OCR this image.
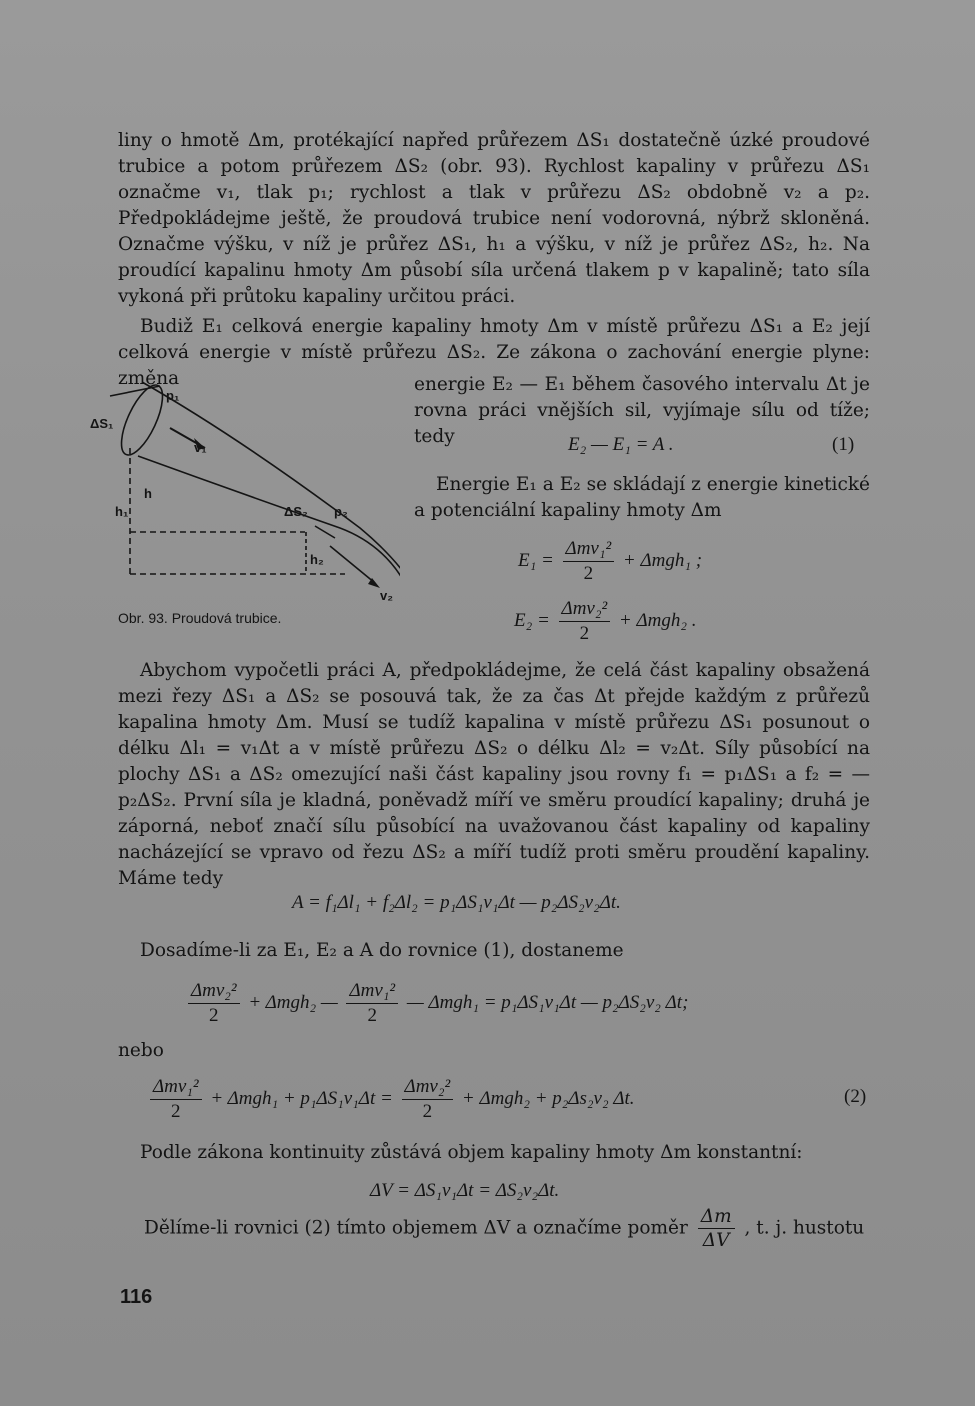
liny o hmotě Δm, protékající napřed průřezem ΔS₁ dostatečně úzké proudové trubice a potom průřezem ΔS₂ (obr. 93). Rychlost kapaliny v průřezu ΔS₁ označme v₁, tlak p₁; rychlost a tlak v průřezu ΔS₂ obdobně v₂ a p₂. Předpokládejme ještě, že proudová trubice není vodorovná, nýbrž skloněná. Označme výšku, v níž je průřez ΔS₁, h₁ a výšku, v níž je průřez ΔS₂, h₂. Na proudící kapalinu hmoty Δm působí síla určená tlakem p v kapalině; tato síla vykoná při průtoku kapaliny určitou práci.

Budiž E₁ celková energie kapaliny hmoty Δm v místě průřezu ΔS₁ a E₂ její celková energie v místě průřezu ΔS₂. Ze zákona o zachování energie plyne: změna	energie E₂ — E₁ během časového intervalu Δt je rovna práci vnějších sil, vyjímaje sílu od tíže; tedy	E₂ — E₁ = A .	(1)

Energie E₁ a E₂ se skládají z energie kinetické a potenciální kapaliny hmoty Δm

$E_1 = \frac{\text{Δmv₁²}}{2} + \Delta mgh_1$ ;
$E_2 = \frac{\text{Δmv₂²}}{2} + \Delta mgh_2$ .
ΔS₁
p₁
v₁
h
h₁	ΔS₂ p₂
h₂
v₂
Obr. 93. Proudová trubice.

Abychom vypočetli práci A, předpokládejme, že celá část kapaliny obsažená mezi řezy ΔS₁ a ΔS₂ se posouvá tak, že za čas Δt přejde každým z průřezů kapalina hmoty Δm. Musí se tudíž kapalina v místě průřezu ΔS₁ posunout o délku Δl₁ = v₁Δt a v místě průřezu ΔS₂ o délku Δl₂ = v₂Δt. Síly působící na plochy ΔS₁ a ΔS₂ omezující naši část kapaliny jsou rovny f₁ = p₁ΔS₁ a f₂ = — p₂ΔS₂. První síla je kladná, poněvadž míří ve směru proudící kapaliny; druhá je záporná, neboť značí sílu působící na uvažovanou část kapaliny od kapaliny nacházející se vpravo od řezu ΔS₂ a míří tudíž proti směru proudění kapaliny. Máme tedy

A = f₁Δl₁ + f₂Δl₂ = p₁ΔS₁v₁Δt — p₂ΔS₂v₂Δt.

Dosadíme-li za E₁, E₂ a A do rovnice (1), dostaneme

$\frac{\text{Δmv₂²}}{2} + \Delta mgh_2$ — $\frac{\text{Δmv₁²}}{2}$ — Δmgh₁ = p₁ΔS₁v₁Δt — p₂ΔS₂v₂ Δt;

nebo

$\frac{\text{Δmv₁²}}{2} + \Delta mgh_1 + p_1\Delta S_1v_1\Delta t = \frac{\text{Δmv₂²}}{2} + \Delta mgh_2 + p_2\Delta s_2v_2$ Δt.	(2)

Podle zákona kontinuity zůstává objem kapaliny hmoty Δm konstantní:

ΔV = ΔS₁v₁Δt = ΔS₂v₂Δt.
Dělíme-li rovnici (2) tímto objemem ΔV a označíme poměr $\frac{\Delta m}{\Delta V}$ , t. j. hustotu
116
